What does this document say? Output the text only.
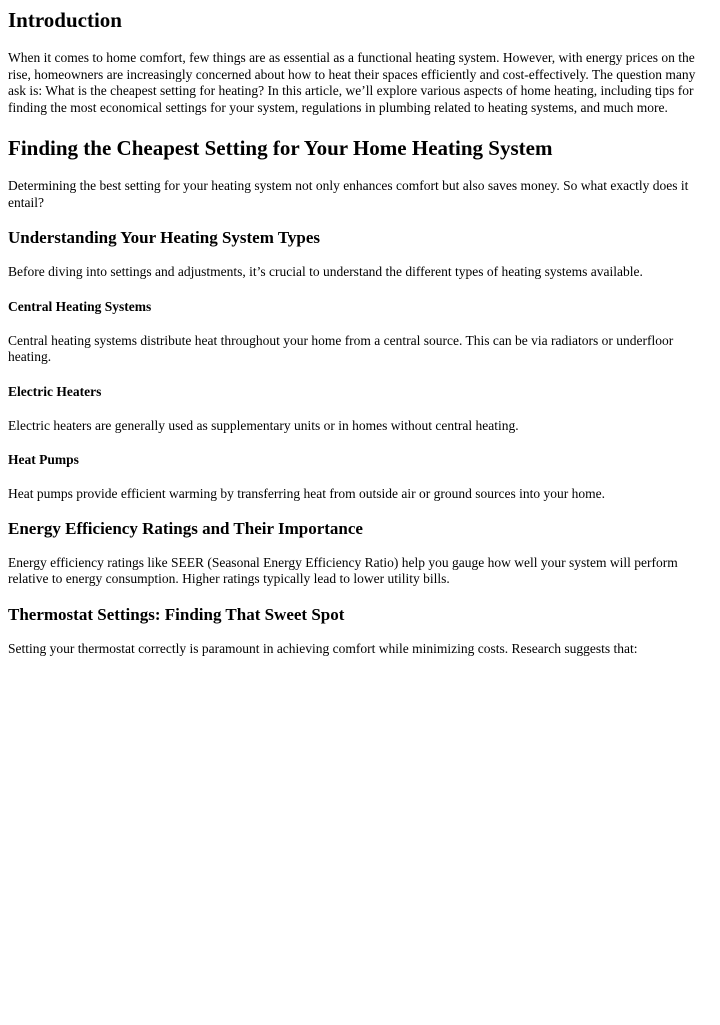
Introduction

When it comes to home comfort, few things are as essential as a functional heating system. However, with energy prices on the rise, homeowners are increasingly concerned about how to heat their spaces efficiently and cost-effectively. The question many ask is: What is the cheapest setting for heating? In this article, we’ll explore various aspects of home heating, including tips for finding the most economical settings for your system, regulations in plumbing related to heating systems, and much more.

Finding the Cheapest Setting for Your Home Heating System

Determining the best setting for your heating system not only enhances comfort but also saves money. So what exactly does it entail?

Understanding Your Heating System Types

Before diving into settings and adjustments, it’s crucial to understand the different types of heating systems available.

Central Heating Systems

Central heating systems distribute heat throughout your home from a central source. This can be via radiators or underfloor heating.

Electric Heaters

Electric heaters are generally used as supplementary units or in homes without central heating.

Heat Pumps

Heat pumps provide efficient warming by transferring heat from outside air or ground sources into your home.

Energy Efficiency Ratings and Their Importance

Energy efficiency ratings like SEER (Seasonal Energy Efficiency Ratio) help you gauge how well your system will perform relative to energy consumption. Higher ratings typically lead to lower utility bills.

Thermostat Settings: Finding That Sweet Spot

Setting your thermostat correctly is paramount in achieving comfort while minimizing costs. Research suggests that:
